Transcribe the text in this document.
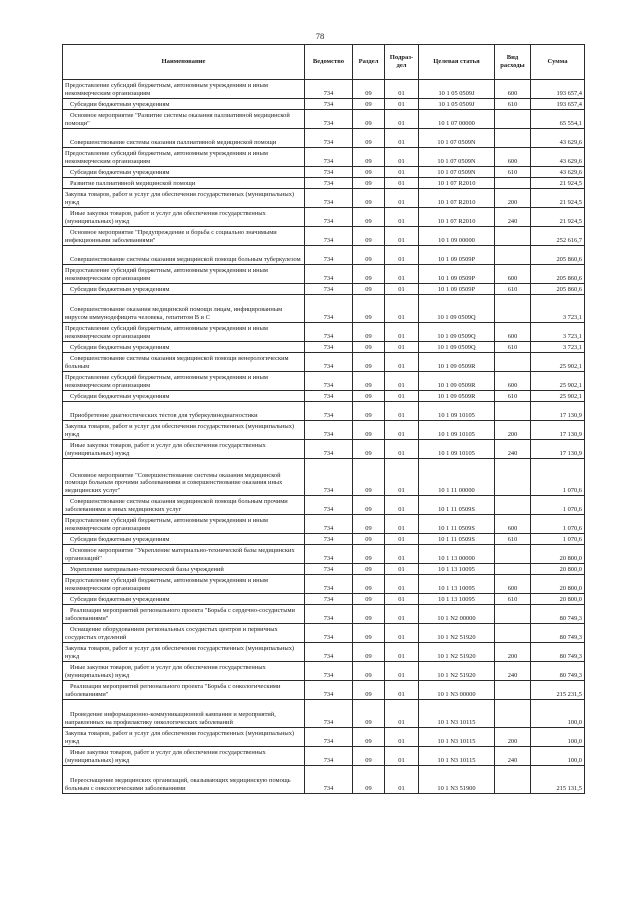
78
Наименование	Ведомство	Раздел	Подраз-дел	Целевая статья	Вид расходы	Сумма
Предоставление субсидий бюджетным, автономным учреждениям и иным некоммерческим организациям	734	09	01	10 1 05 0509J	600	193 657,4
Субсидии бюджетным учреждениям	734	09	01	10 1 05 0509J	610	193 657,4
Основное мероприятие "Развитие системы оказания паллиативной медицинской помощи"	734	09	01	10 1 07 00000		65 554,1
Совершенствование системы оказания паллиативной медицинской помощи	734	09	01	10 1 07 0509N		43 629,6
Предоставление субсидий бюджетным, автономным учреждениям и иным некоммерческим организациям	734	09	01	10 1 07 0509N	600	43 629,6
Субсидии бюджетным учреждениям	734	09	01	10 1 07 0509N	610	43 629,6
Развитие паллиативной медицинской помощи	734	09	01	10 1 07 R2010		21 924,5
Закупка товаров, работ и услуг для обеспечения государственных (муниципальных) нужд	734	09	01	10 1 07 R2010	200	21 924,5
Иные закупки товаров, работ и услуг для обеспечения государственных (муниципальных) нужд	734	09	01	10 1 07 R2010	240	21 924,5
Основное мероприятие "Предупреждение и борьба с социально значимыми инфекционными заболеваниями"	734	09	01	10 1 09 00000		252 616,7
Совершенствование системы оказания медицинской помощи больным туберкулезом	734	09	01	10 1 09 0509P		205 860,6
Предоставление субсидий бюджетным, автономным учреждениям и иным некоммерческим организациям	734	09	01	10 1 09 0509P	600	205 860,6
Субсидии бюджетным учреждениям	734	09	01	10 1 09 0509P	610	205 860,6
Совершенствование оказания медицинской помощи лицам, инфицированным вирусом иммунодефицита человека, гепатитом В и С	734	09	01	10 1 09 0509Q		3 723,1
Предоставление субсидий бюджетным, автономным учреждениям и иным некоммерческим организациям	734	09	01	10 1 09 0509Q	600	3 723,1
Субсидии бюджетным учреждениям	734	09	01	10 1 09 0509Q	610	3 723,1
Совершенствование системы оказания медицинской помощи венерологическим больным	734	09	01	10 1 09 0509R		25 902,1
Предоставление субсидий бюджетным, автономным учреждениям и иным некоммерческим организациям	734	09	01	10 1 09 0509R	600	25 902,1
Субсидии бюджетным учреждениям	734	09	01	10 1 09 0509R	610	25 902,1
Приобретение диагностических тестов для туберкулинодиагностики	734	09	01	10 1 09 10105		17 130,9
Закупка товаров, работ и услуг для обеспечения государственных (муниципальных) нужд	734	09	01	10 1 09 10105	200	17 130,9
Иные закупки товаров, работ и услуг для обеспечения государственных (муниципальных) нужд	734	09	01	10 1 09 10105	240	17 130,9
Основное мероприятие "Совершенствование системы оказания медицинской помощи больным прочими заболеваниями и совершенствование оказания иных медицинских услуг"	734	09	01	10 1 11 00000		1 070,6
Совершенствование системы оказания медицинской помощи больным прочими заболеваниями и иных медицинских услуг	734	09	01	10 1 11 0509S		1 070,6
Предоставление субсидий бюджетным, автономным учреждениям и иным некоммерческим организациям	734	09	01	10 1 11 0509S	600	1 070,6
Субсидии бюджетным учреждениям	734	09	01	10 1 11 0509S	610	1 070,6
Основное мероприятие "Укрепление материально-технической базы медицинских организаций"	734	09	01	10 1 13 00000		20 800,0
Укрепление материально-технической базы учреждений	734	09	01	10 1 13 10095		20 800,0
Предоставление субсидий бюджетным, автономным учреждениям и иным некоммерческим организациям	734	09	01	10 1 13 10095	600	20 800,0
Субсидии бюджетным учреждениям	734	09	01	10 1 13 10095	610	20 800,0
Реализация мероприятий регионального проекта "Борьба с сердечно-сосудистыми заболеваниями"	734	09	01	10 1 N2 00000		80 749,3
Оснащение оборудованием региональных сосудистых центров и первичных сосудистых отделений	734	09	01	10 1 N2 51920		80 749,3
Закупка товаров, работ и услуг для обеспечения государственных (муниципальных) нужд	734	09	01	10 1 N2 51920	200	80 749,3
Иные закупки товаров, работ и услуг для обеспечения государственных (муниципальных) нужд	734	09	01	10 1 N2 51920	240	80 749,3
Реализация мероприятий регионального проекта "Борьба с онкологическими заболеваниями"	734	09	01	10 1 N3 00000		215 231,5
Проведение информационно-коммуникационной кампании и мероприятий, направленных на профилактику онкологических заболеваний	734	09	01	10 1 N3 10115		100,0
Закупка товаров, работ и услуг для обеспечения государственных (муниципальных) нужд	734	09	01	10 1 N3 10115	200	100,0
Иные закупки товаров, работ и услуг для обеспечения государственных (муниципальных) нужд	734	09	01	10 1 N3 10115	240	100,0
Переоснащение медицинских организаций, оказывающих медицинскую помощь больным с онкологическими заболеваниями	734	09	01	10 1 N3 51900		215 131,5
